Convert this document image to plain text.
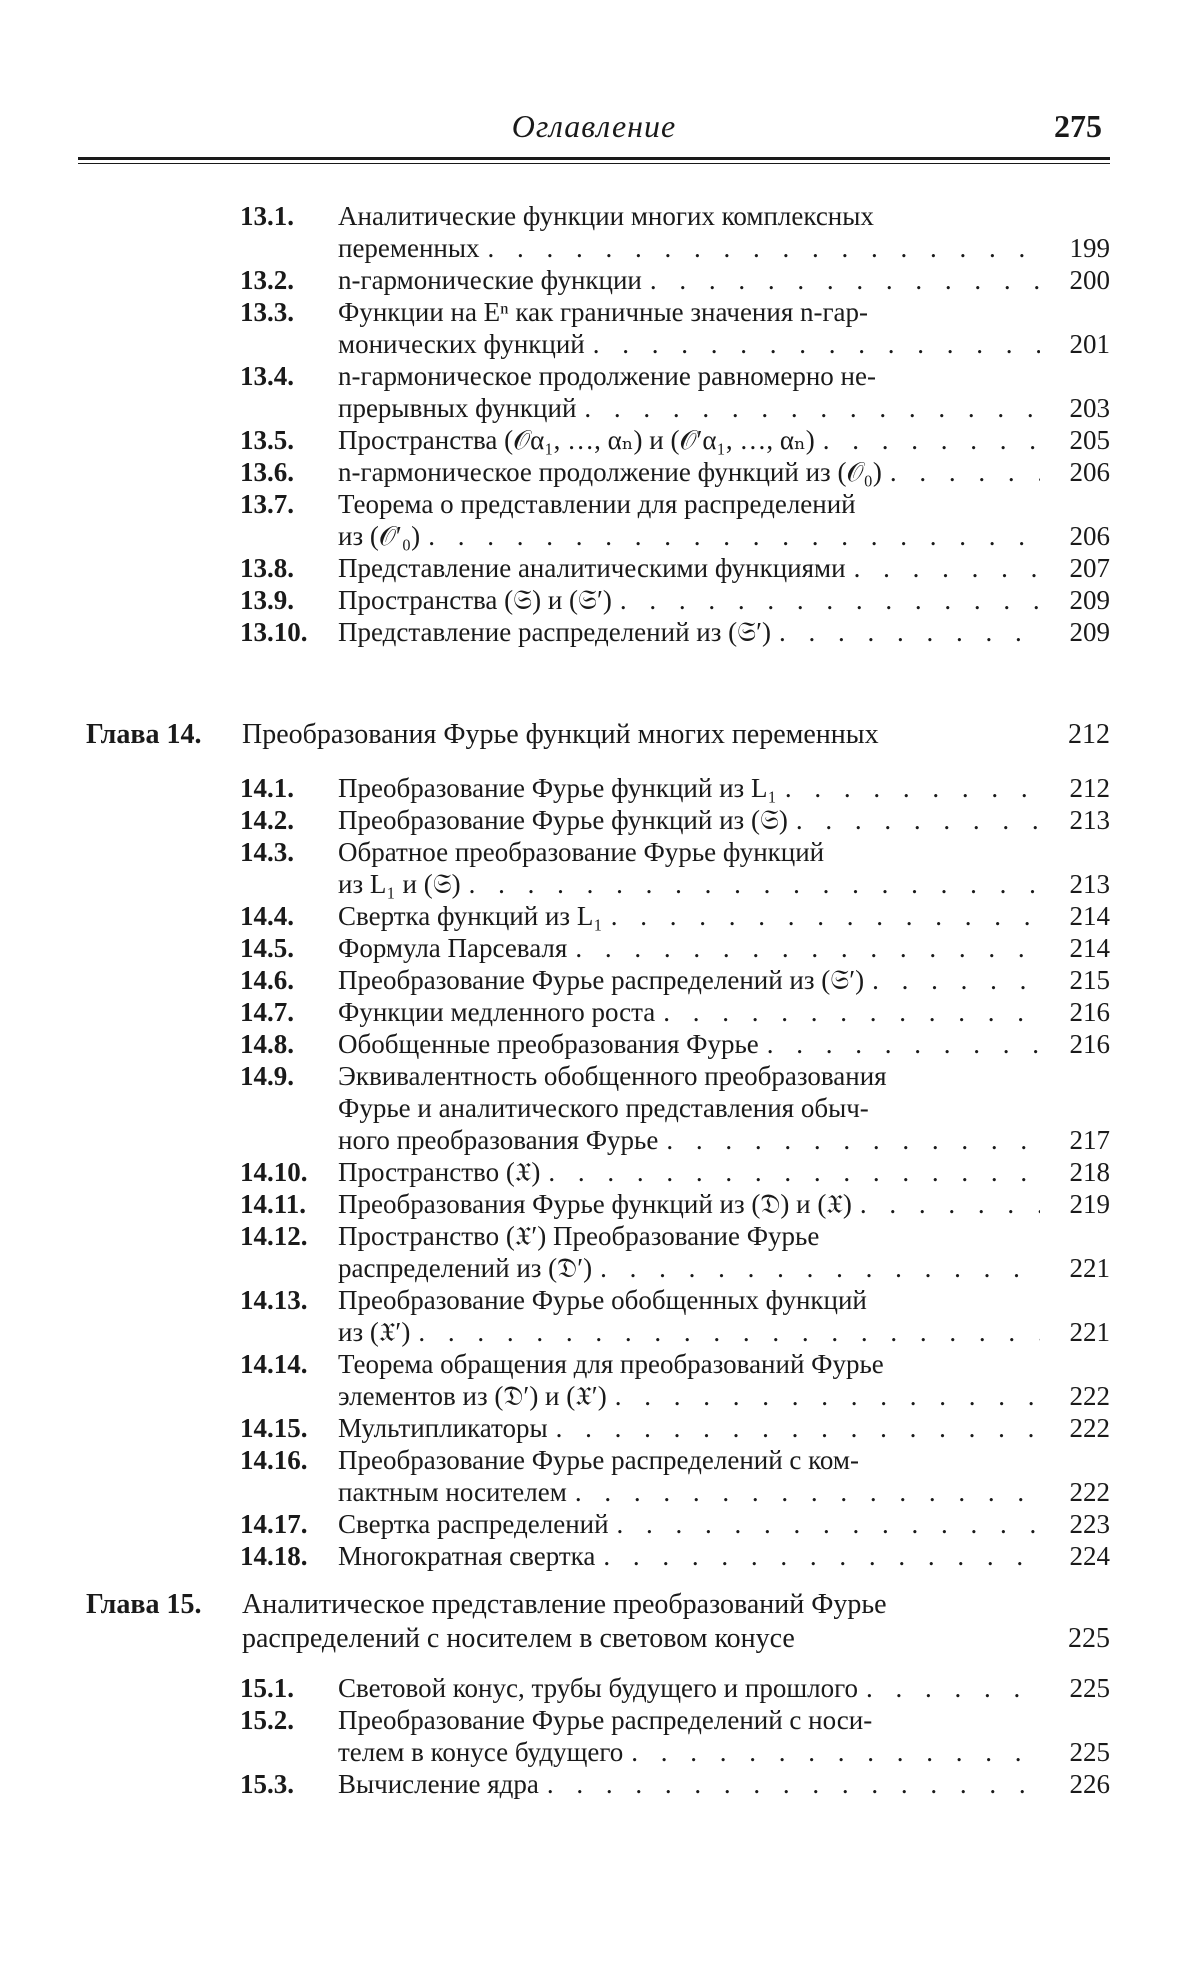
Оглавление	275
13.1.	Аналитические функции многих комплексных
переменных . . . . . . . . . . . . . . . . . . .	199
13.2.	n-гармонические функции . . . . . . . . . . . . .	200
13.3.	Функции на Eⁿ как граничные значения n-гар-
монических функций . . . . . . . . . . . . . . .	201
13.4.	n-гармоническое продолжение равномерно не-
прерывных функций . . . . . . . . . . . . . . .	203
13.5.	Пространства (𝒪α₁, …, αₙ) и (𝒪′α₁, …, αₙ) . . . . . . .	205
13.6.	n-гармоническое продолжение функций из (𝒪₀) . . . . .	206
13.7.	Теорема о представлении для распределений
из (𝒪′₀) . . . . . . . . . . . . . . . . . . . . .	206
13.8.	Представление аналитическими функциями . . . . . .	207
13.9.	Пространства (𝔖) и (𝔖′) . . . . . . . . . . . . . .	209
13.10.	Представление распределений из (𝔖′) . . . . . . . . .	209
Глава 14. Преобразования Фурье функций многих переменных	212
14.1.	Преобразование Фурье функций из L₁ . . . . . . . . .	212
14.2.	Преобразование Фурье функций из (𝔖) . . . . . . . .	213
14.3.	Обратное преобразование Фурье функций
из L₁ и (𝔖) . . . . . . . . . . . . . . . . . . .	213
14.4.	Свертка функций из L₁ . . . . . . . . . . . . . . .	214
14.5.	Формула Парсеваля . . . . . . . . . . . . . . . .	214
14.6.	Преобразование Фурье распределений из (𝔖′) . . . . . .	215
14.7.	Функции медленного роста . . . . . . . . . . . . .	216
14.8.	Обобщенные преобразования Фурье . . . . . . . . .	216
14.9.	Эквивалентность обобщенного преобразования
Фурье и аналитического представления обыч-
ного преобразования Фурье . . . . . . . . . . . . .	217
14.10.	Пространство (𝔛) . . . . . . . . . . . . . . . . .	218
14.11.	Преобразования Фурье функций из (𝔇) и (𝔛) . . . . . .	219
14.12.	Пространство (𝔛′) Преобразование Фурье
распределений из (𝔇′) . . . . . . . . . . . . . . .	221
14.13.	Преобразование Фурье обобщенных функций
из (𝔛′) . . . . . . . . . . . . . . . . . . . . .	221
14.14.	Теорема обращения для преобразований Фурье
элементов из (𝔇′) и (𝔛′) . . . . . . . . . . . . . .	222
14.15.	Мультипликаторы . . . . . . . . . . . . . . . .	222
14.16.	Преобразование Фурье распределений с ком-
пактным носителем . . . . . . . . . . . . . . . .	222
14.17.	Свертка распределений . . . . . . . . . . . . . .	223
14.18.	Многократная свертка . . . . . . . . . . . . . . .	224
Глава 15. Аналитическое представление преобразований Фурье
распределений с носителем в световом конусе	225
15.1.	Световой конус, трубы будущего и прошлого . . . . . .	225
15.2.	Преобразование Фурье распределений с носи-
телем в конусе будущего . . . . . . . . . . . . . .	225
15.3.	Вычисление ядра . . . . . . . . . . . . . . . . .	226
